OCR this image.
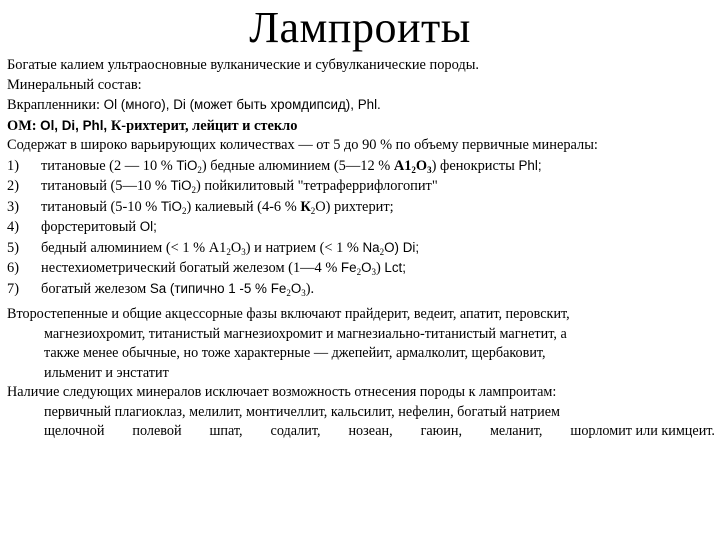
Лампроиты
Богатые калием ультраосновные вулканические и субвулканические породы.
Минеральный состав:
Вкрапленники: Ol (много), Di (может быть хромдипсид), Phl.
ОМ: Ol, Di, Phl, К-рихтерит, лейцит и стекло
Содержат в широко варьирующих количествах — от 5 до 90 % по объему первичные минералы:
1) титановые (2 — 10 % TiO$_2$) бедные алюминием (5—12 % $A1_2O_3$) фенокристы Phl;
2) титановый (5—10 % TiO$_2$) пойкилитовый "тетраферрифлогопит"
3) титановый (5-10 % TiO$_2$) калиевый (4-6 % $К_2О$) рихтерит;
4) форстеритовый Ol;
5) бедный алюминием (< 1 % $A1_2O_3$) и натрием (< 1 % $Na_2O$) Di;
6) нестехиометрический богатый железом (1—4 % $Fe_2O_3$) Lct;
7) богатый железом Sa (типично 1 -5 % $Fe_2O_3$).
Второстепенные и общие акцессорные фазы включают прайдерит, ведеит, апатит, перовскит,
магнезиохромит, титанистый магнезиохромит и магнезиально-титанистый магнетит, а
также менее обычные, но тоже характерные — джепейит, армалколит, щербаковит,
ильменит и энстатит
Наличие следующих минералов исключает возможность отнесения породы к лампроитам:
первичный плагиоклаз, мелилит, монтичеллит, кальсилит, нефелин, богатый натрием
щелочной полевой шпат, содалит, нозеан, гаюин, меланит, шорломит или кимцеит.
